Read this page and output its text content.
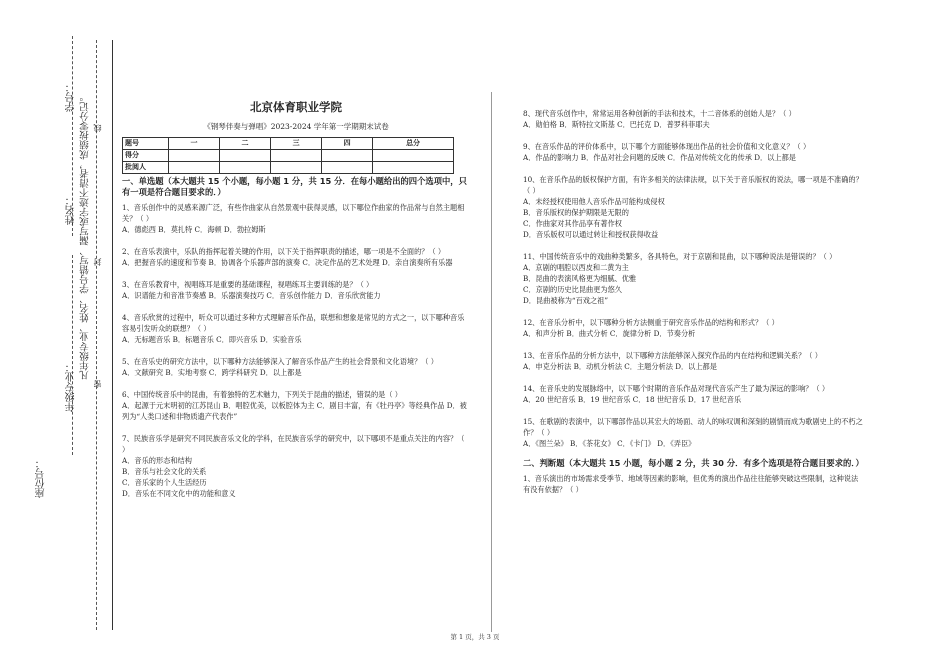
学号：
姓名：
年级专业：
座位号：
凡年级专业、姓名、学号错写、漏写或字迹不清者，成绩按零分记。
密
封
线
北京体育职业学院
《钢琴伴奏与弹唱》2023-2024 学年第一学期期末试卷
题号	一	二	三	四	总分
得分					
批阅人					
一、单选题（本大题共 15 个小题，每小题 1 分，共 15 分．在每小题给出的四个选项中，只有一项是符合题目要求的．）
1、音乐创作中的灵感来源广泛，有些作曲家从自然景观中获得灵感，以下哪位作曲家的作品常与自然主题相关？（ ）
A．德彪西 B．莫扎特 C．海顿 D．勃拉姆斯
2、在音乐表演中，乐队的指挥起着关键的作用，以下关于指挥职责的描述，哪一项是不全面的？（ ）
A．把握音乐的速度和节奏 B．协调各个乐器声部的演奏 C．决定作品的艺术处理 D．亲自演奏所有乐器
3、在音乐教育中，视唱练耳是重要的基础课程，视唱练耳主要训练的是？（ ）
A．识谱能力和音准节奏感 B．乐器演奏技巧 C．音乐创作能力 D．音乐欣赏能力
4、音乐欣赏的过程中，听众可以通过多种方式理解音乐作品，联想和想象是常见的方式之一，以下哪种音乐容易引发听众的联想？（ ）
A．无标题音乐 B．标题音乐 C．即兴音乐 D．实验音乐
5、在音乐史的研究方法中，以下哪种方法能够深入了解音乐作品产生的社会背景和文化语境？（ ）
A．文献研究 B．实地考察 C．跨学科研究 D．以上都是
6、中国传统音乐中的昆曲，有着独特的艺术魅力，下列关于昆曲的描述，错误的是（ ）
A．起源于元末明初的江苏昆山 B．唱腔优美，以板腔体为主 C．剧目丰富，有《牡丹亭》等经典作品 D．被列为“人类口述和非物质遗产代表作”
7、民族音乐学是研究不同民族音乐文化的学科，在民族音乐学的研究中，以下哪项不是重点关注的内容？（ ）
A．音乐的形态和结构
B．音乐与社会文化的关系
C．音乐家的个人生活经历
D．音乐在不同文化中的功能和意义
8、现代音乐创作中，常常运用各种创新的手法和技术，十二音体系的创始人是？（ ）
A．勋伯格 B．斯特拉文斯基 C．巴托克 D．普罗科菲耶夫
9、在音乐作品的评价体系中，以下哪个方面能够体现出作品的社会价值和文化意义？（ ）
A．作品的影响力 B．作品对社会问题的反映 C．作品对传统文化的传承 D．以上都是
10、在音乐作品的版权保护方面，有许多相关的法律法规，以下关于音乐版权的说法，哪一项是不准确的？（ ）
A．未经授权使用他人音乐作品可能构成侵权
B．音乐版权的保护期限是无限的
C．作曲家对其作品享有著作权
D．音乐版权可以通过转让和授权获得收益
11、中国传统音乐中的戏曲种类繁多，各具特色，对于京剧和昆曲，以下哪种说法是错误的？（ ）
A．京剧的唱腔以西皮和二黄为主
B．昆曲的表演风格更为细腻、优雅
C．京剧的历史比昆曲更为悠久
D．昆曲被称为“百戏之祖”
12、在音乐分析中，以下哪种分析方法侧重于研究音乐作品的结构和形式？（ ）
A．和声分析 B．曲式分析 C．旋律分析 D．节奏分析
13、在音乐作品的分析方法中，以下哪种方法能够深入探究作品的内在结构和逻辑关系？（ ）
A．申克分析法 B．动机分析法 C．主题分析法 D．以上都是
14、在音乐史的发展脉络中，以下哪个时期的音乐作品对现代音乐产生了最为深远的影响？（ ）
A．20 世纪音乐 B．19 世纪音乐 C．18 世纪音乐 D．17 世纪音乐
15、在歌剧的表演中，以下哪部作品以其宏大的场面、动人的咏叹调和深刻的剧情而成为歌剧史上的不朽之作？（ ）
A．《图兰朵》 B．《茶花女》 C．《卡门》 D．《弄臣》
二、判断题（本大题共 15 小题，每小题 2 分，共 30 分．有多个选项是符合题目要求的．）
1、音乐演出的市场需求受季节、地域等因素的影响，但优秀的演出作品往往能够突破这些限制，这种说法有没有依据？（ ）
第 1 页，共 3 页
